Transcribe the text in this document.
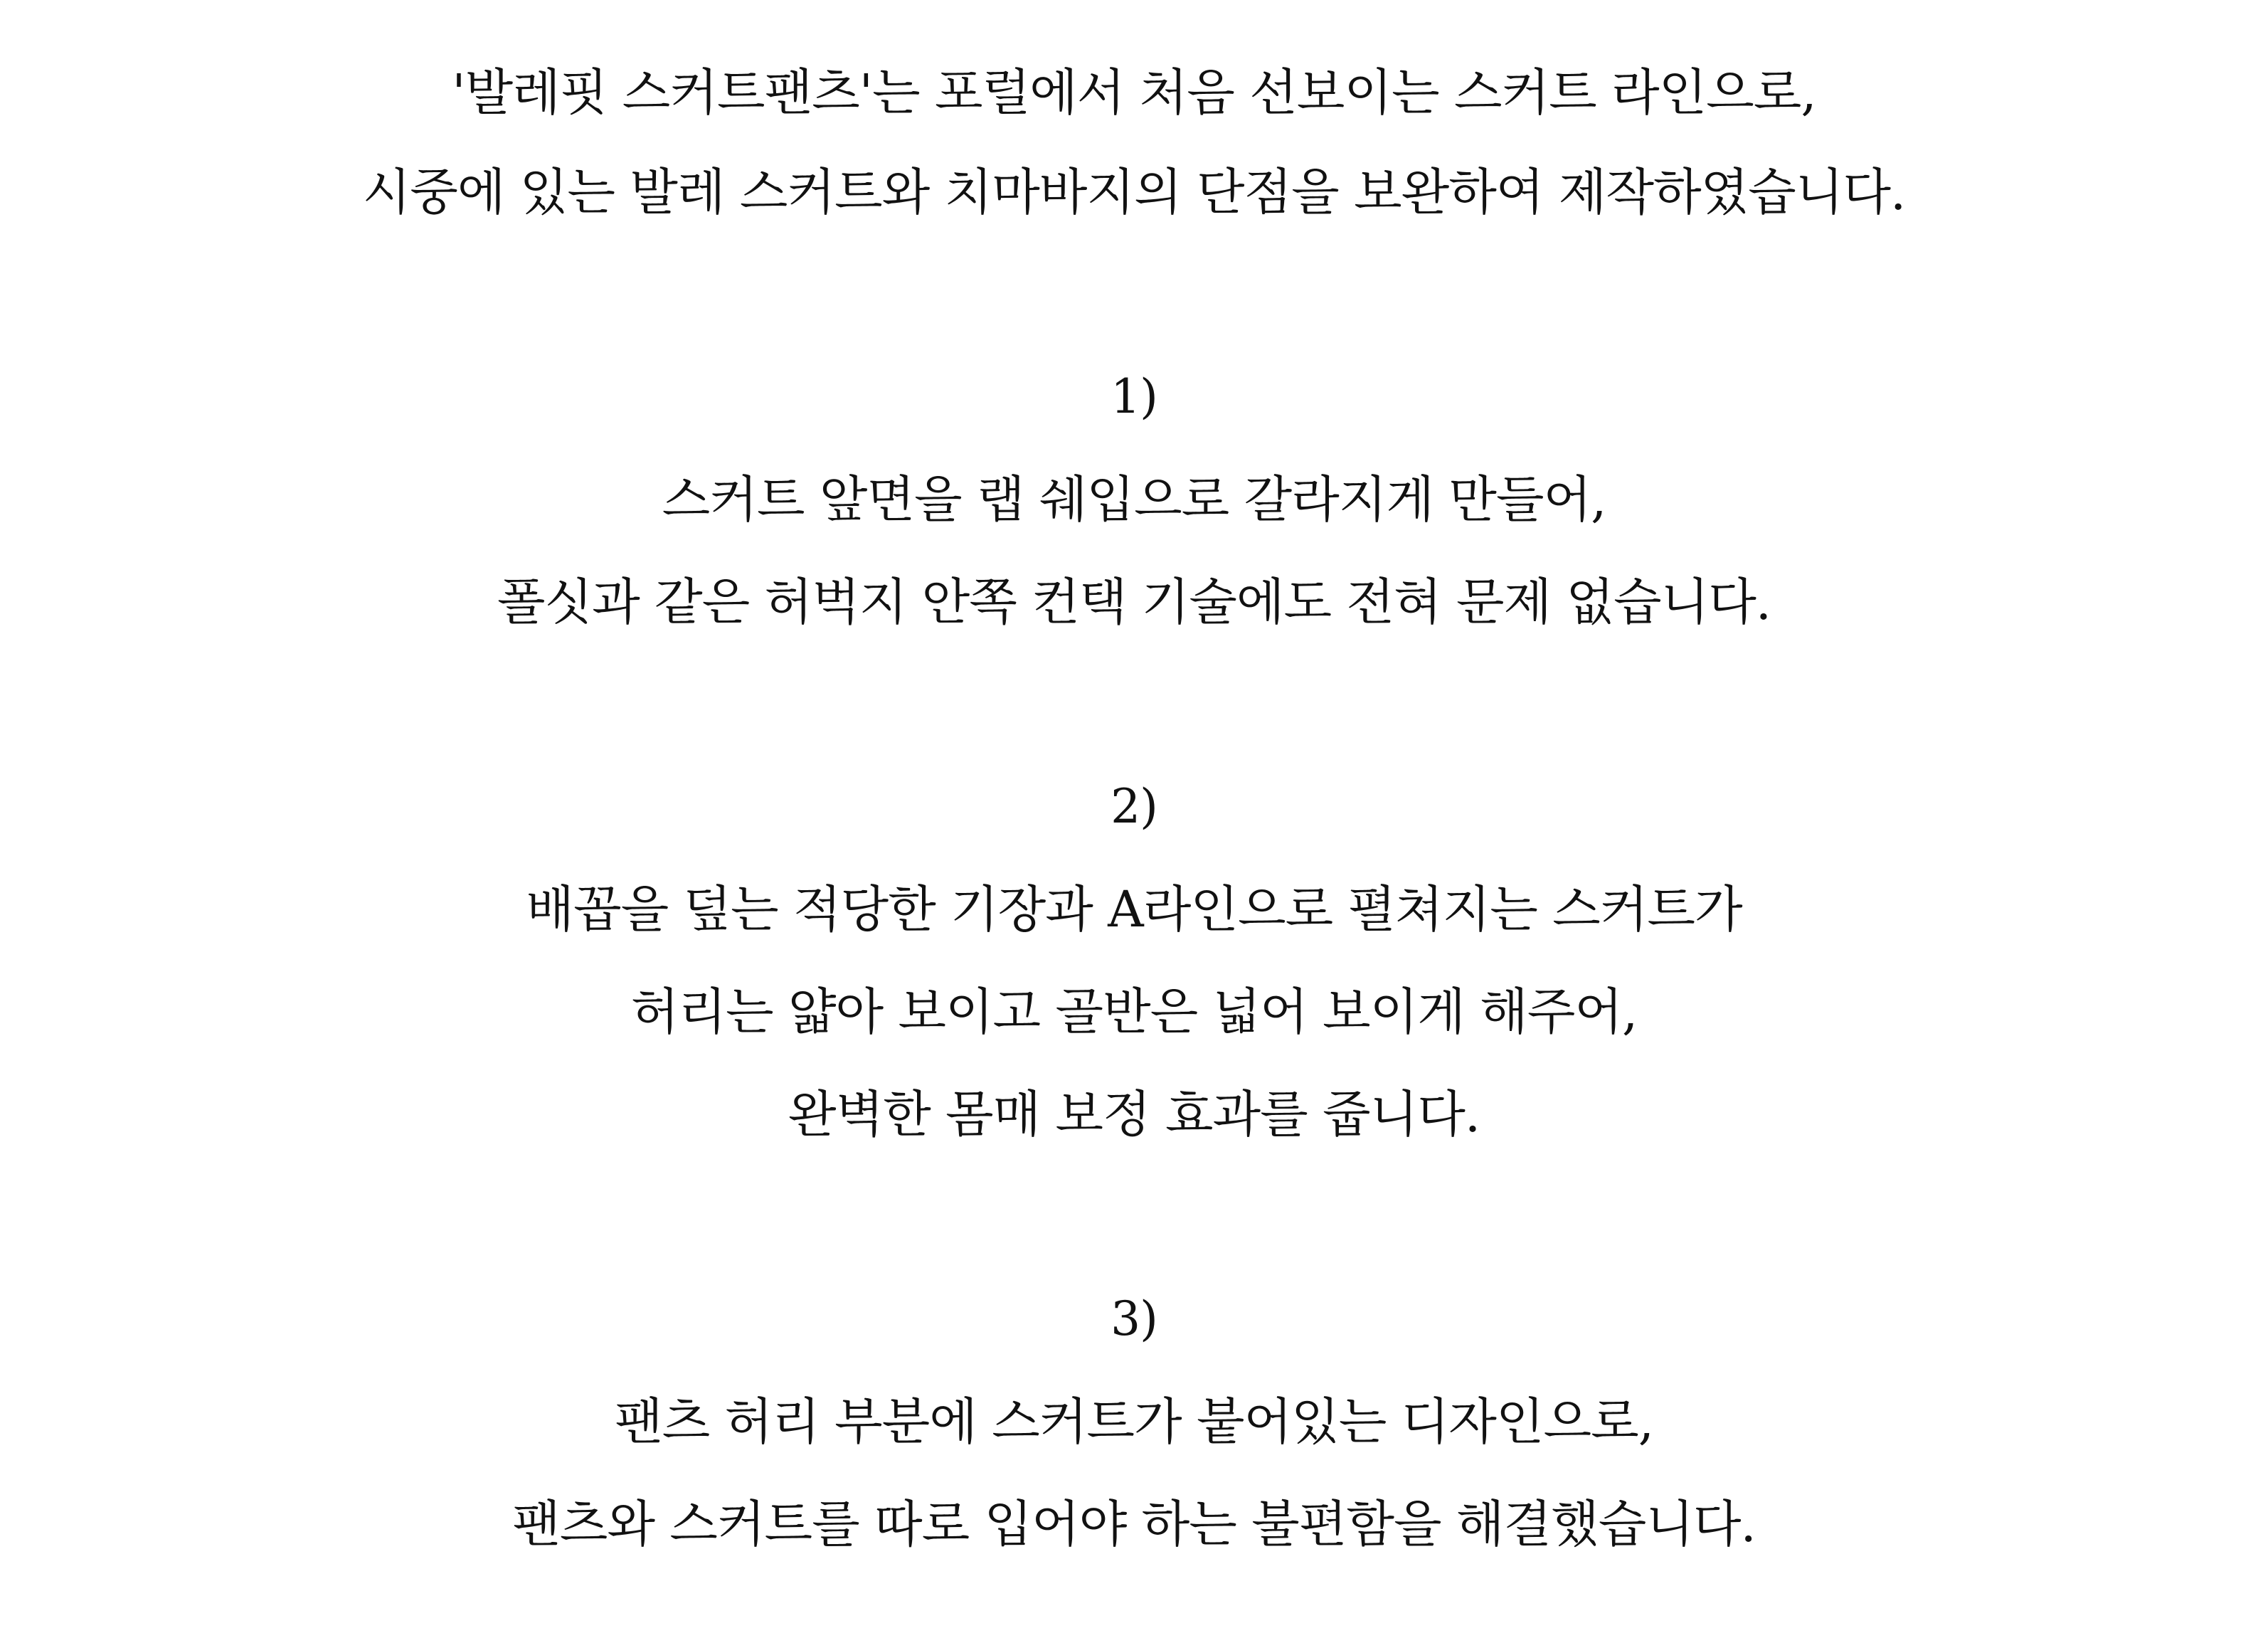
'발레핏 스커트팬츠'는 포럴에서 처음 선보이는 스커트 라인으로,
시중에 있는 발레 스커트와 치마바지의 단점을 보완하여 제작하였습니다.
1)
스커트 앞면을 랩 쉐입으로 갈라지게 만들어,
폴싯과 같은 허벅지 안쪽 컨택 기술에도 전혀 문제 없습니다.
2)
배꼽을 덮는 적당한 기장과 A라인으로 펼쳐지는 스커트가
허리는 얇아 보이고 골반은 넓어 보이게 해주어,
완벽한 몸매 보정 효과를 줍니다.
3)
팬츠 허리 부분에 스커트가 붙어있는 디자인으로,
팬츠와 스커트를 따로 입어야 하는 불편함을 해결했습니다.
